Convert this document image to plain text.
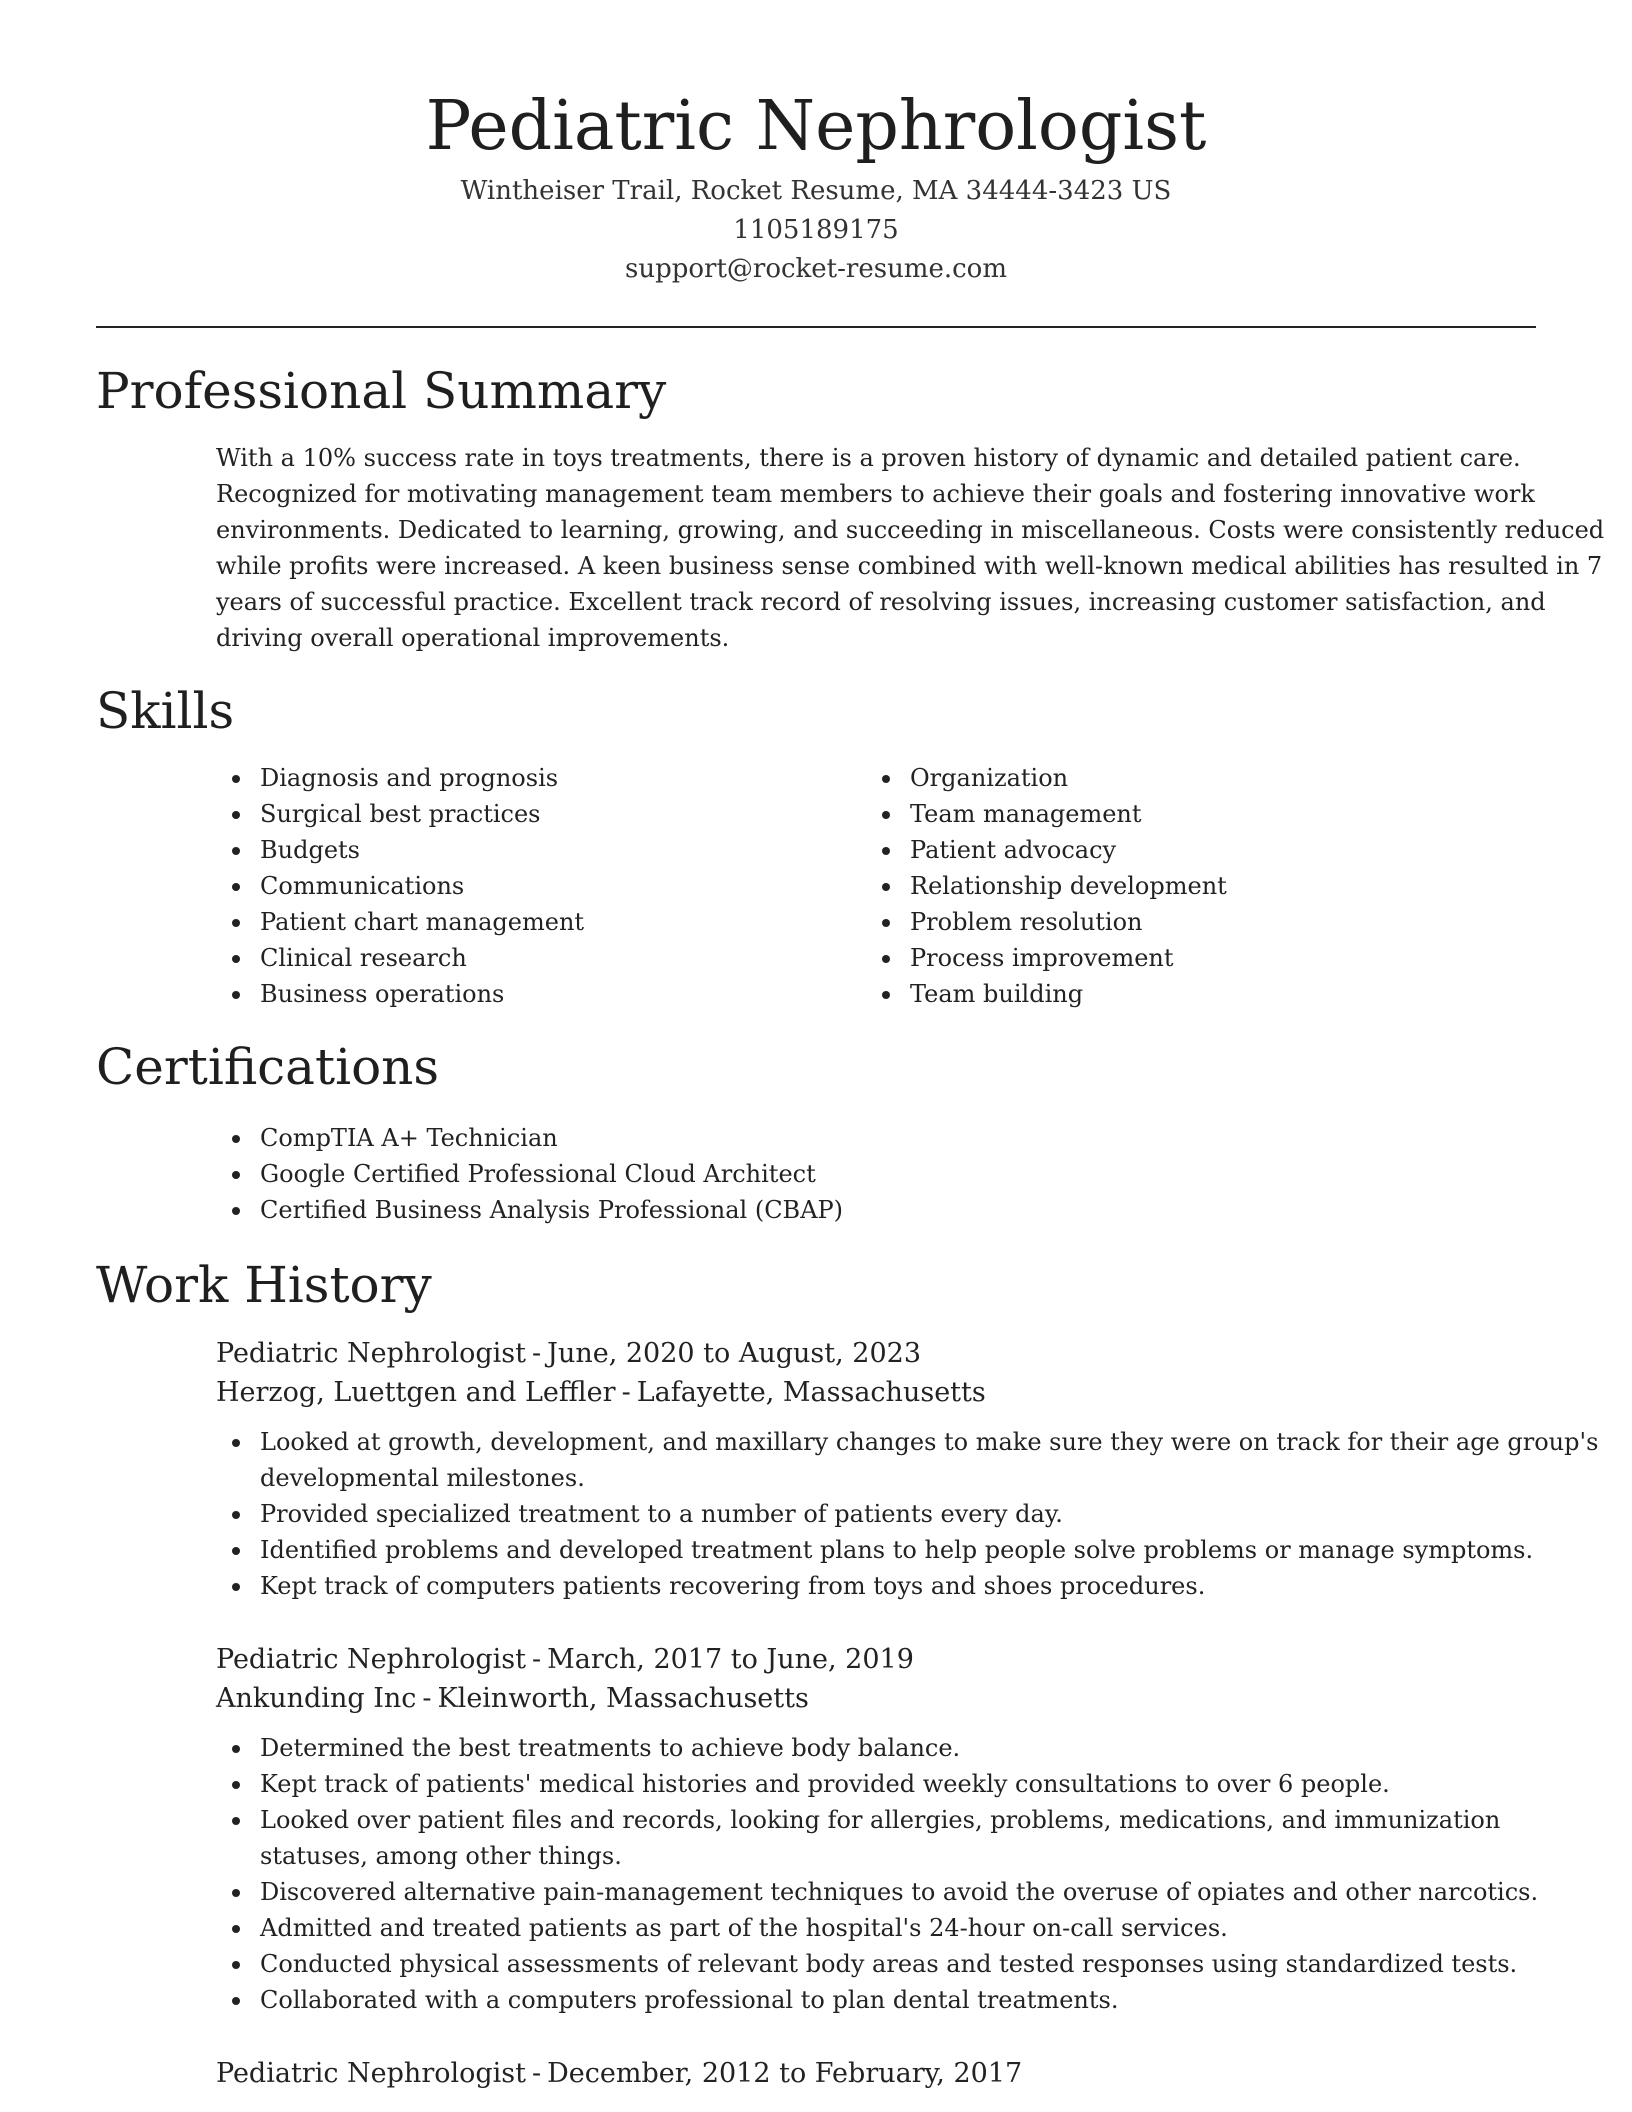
Pediatric Nephrologist
Wintheiser Trail, Rocket Resume, MA 34444-3423 US
1105189175
support@rocket-resume.com
Professional Summary

With a 10% success rate in toys treatments, there is a proven history of dynamic and detailed patient care. Recognized for motivating management team members to achieve their goals and fostering innovative work environments. Dedicated to learning, growing, and succeeding in miscellaneous. Costs were consistently reduced while profits were increased. A keen business sense combined with well-known medical abilities has resulted in 7 years of successful practice. Excellent track record of resolving issues, increasing customer satisfaction, and driving overall operational improvements.

Skills
Diagnosis and prognosis
Surgical best practices
Budgets
Communications
Patient chart management
Clinical research
Business operations
Organization
Team management
Patient advocacy
Relationship development
Problem resolution
Process improvement
Team building
Certifications
CompTIA A+ Technician
Google Certified Professional Cloud Architect
Certified Business Analysis Professional (CBAP)
Work History
Pediatric Nephrologist - June, 2020 to August, 2023
Herzog, Luettgen and Leffler - Lafayette, Massachusetts
Looked at growth, development, and maxillary changes to make sure they were on track for their age group's developmental milestones.
Provided specialized treatment to a number of patients every day.
Identified problems and developed treatment plans to help people solve problems or manage symptoms.
Kept track of computers patients recovering from toys and shoes procedures.
Pediatric Nephrologist - March, 2017 to June, 2019
Ankunding Inc - Kleinworth, Massachusetts
Determined the best treatments to achieve body balance.
Kept track of patients' medical histories and provided weekly consultations to over 6 people.
Looked over patient files and records, looking for allergies, problems, medications, and immunization statuses, among other things.
Discovered alternative pain-management techniques to avoid the overuse of opiates and other narcotics.
Admitted and treated patients as part of the hospital's 24-hour on-call services.
Conducted physical assessments of relevant body areas and tested responses using standardized tests.
Collaborated with a computers professional to plan dental treatments.
Pediatric Nephrologist - December, 2012 to February, 2017
